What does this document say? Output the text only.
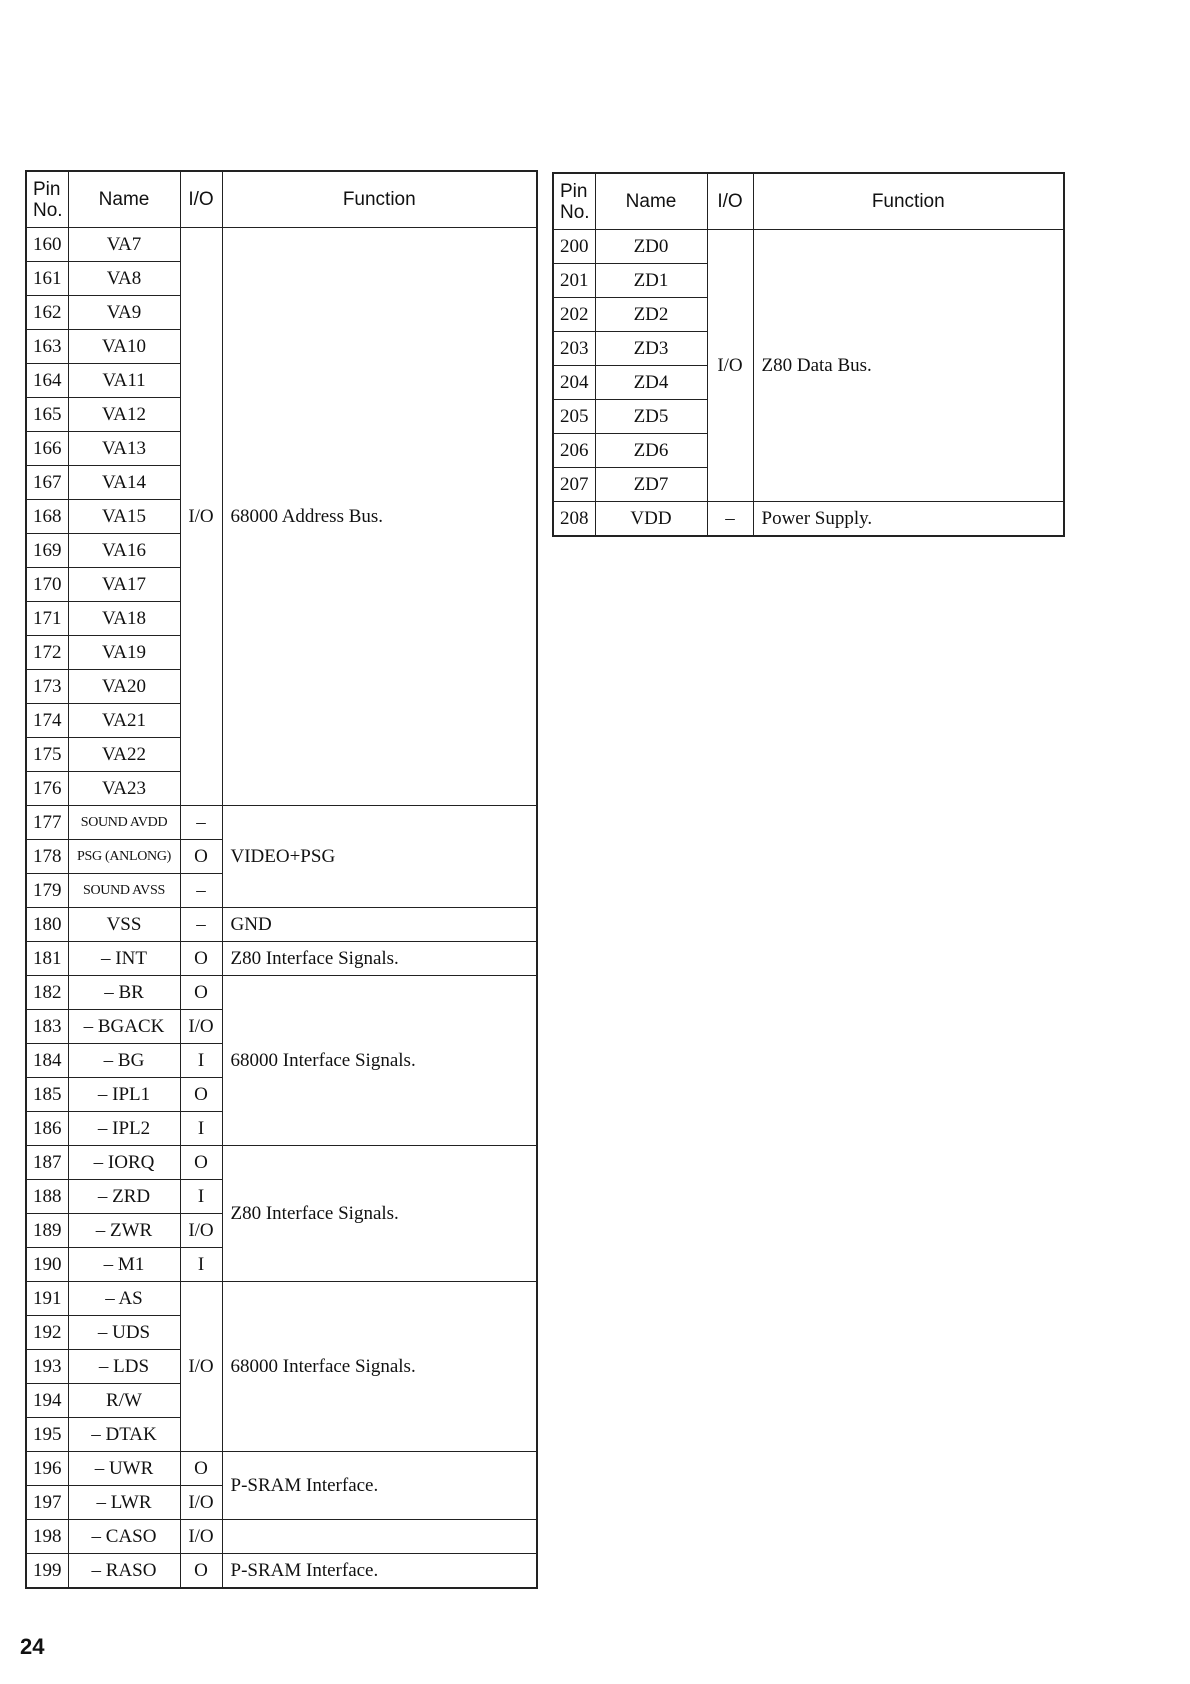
Pin
No.	Name	I/O	Function
160	VA7	I/O	68000 Address Bus.
161	VA8		
162	VA9		
163	VA10		
164	VA11		
165	VA12		
166	VA13		
167	VA14		
168	VA15		
169	VA16		
170	VA17		
171	VA18		
172	VA19		
173	VA20		
174	VA21		
175	VA22		
176	VA23		
177	SOUND AVDD	–	VIDEO+PSG
178	PSG (ANLONG)	O	
179	SOUND AVSS	–	
180	VSS	–	GND
181	– INT	O	Z80 Interface Signals.
182	– BR	O	68000 Interface Signals.
183	– BGACK	I/O	
184	– BG	I	
185	– IPL1	O	
186	– IPL2	I	
187	– IORQ	O	Z80 Interface Signals.
188	– ZRD	I	
189	– ZWR	I/O	
190	– M1	I	
191	– AS	I/O	68000 Interface Signals.
192	– UDS		
193	– LDS		
194	R/W		
195	– DTAK		
196	– UWR	O	P-SRAM Interface.
197	– LWR	I/O	
198	– CASO	I/O	
199	– RASO	O	P-SRAM Interface.
Pin
No.	Name	I/O	Function
200	ZD0	I/O	Z80 Data Bus.
201	ZD1		
202	ZD2		
203	ZD3		
204	ZD4		
205	ZD5		
206	ZD6		
207	ZD7		
208	VDD	–	Power Supply.
24
